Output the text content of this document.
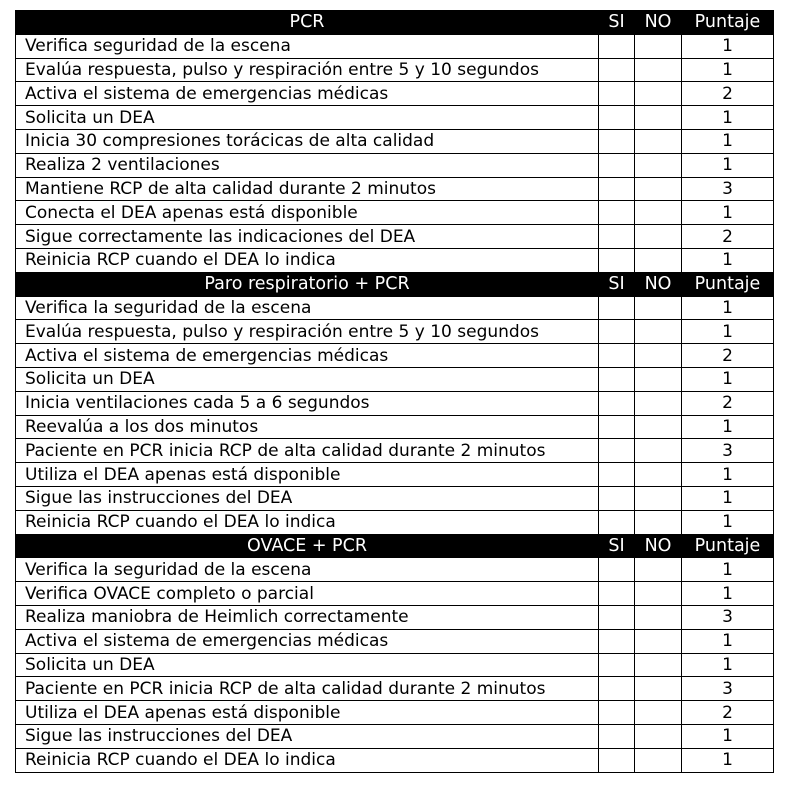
PCR	SI	NO	Puntaje
Verifica seguridad de la escena			1
Evalúa respuesta, pulso y respiración entre 5 y 10 segundos			1
Activa el sistema de emergencias médicas			2
Solicita un DEA			1
Inicia 30 compresiones torácicas de alta calidad			1
Realiza 2 ventilaciones			1
Mantiene RCP de alta calidad durante 2 minutos			3
Conecta el DEA apenas está disponible			1
Sigue correctamente las indicaciones del DEA			2
Reinicia RCP cuando el DEA lo indica			1
Paro respiratorio + PCR	SI	NO	Puntaje
Verifica la seguridad de la escena			1
Evalúa respuesta, pulso y respiración entre 5 y 10 segundos			1
Activa el sistema de emergencias médicas			2
Solicita un DEA			1
Inicia ventilaciones cada 5 a 6 segundos			2
Reevalúa a los dos minutos			1
Paciente en PCR inicia RCP de alta calidad durante 2 minutos			3
Utiliza el DEA apenas está disponible			1
Sigue las instrucciones del DEA			1
Reinicia RCP cuando el DEA lo indica			1
OVACE + PCR	SI	NO	Puntaje
Verifica la seguridad de la escena			1
Verifica OVACE completo o parcial			1
Realiza maniobra de Heimlich correctamente			3
Activa el sistema de emergencias médicas			1
Solicita un DEA			1
Paciente en PCR inicia RCP de alta calidad durante 2 minutos			3
Utiliza el DEA apenas está disponible			2
Sigue las instrucciones del DEA			1
Reinicia RCP cuando el DEA lo indica			1
